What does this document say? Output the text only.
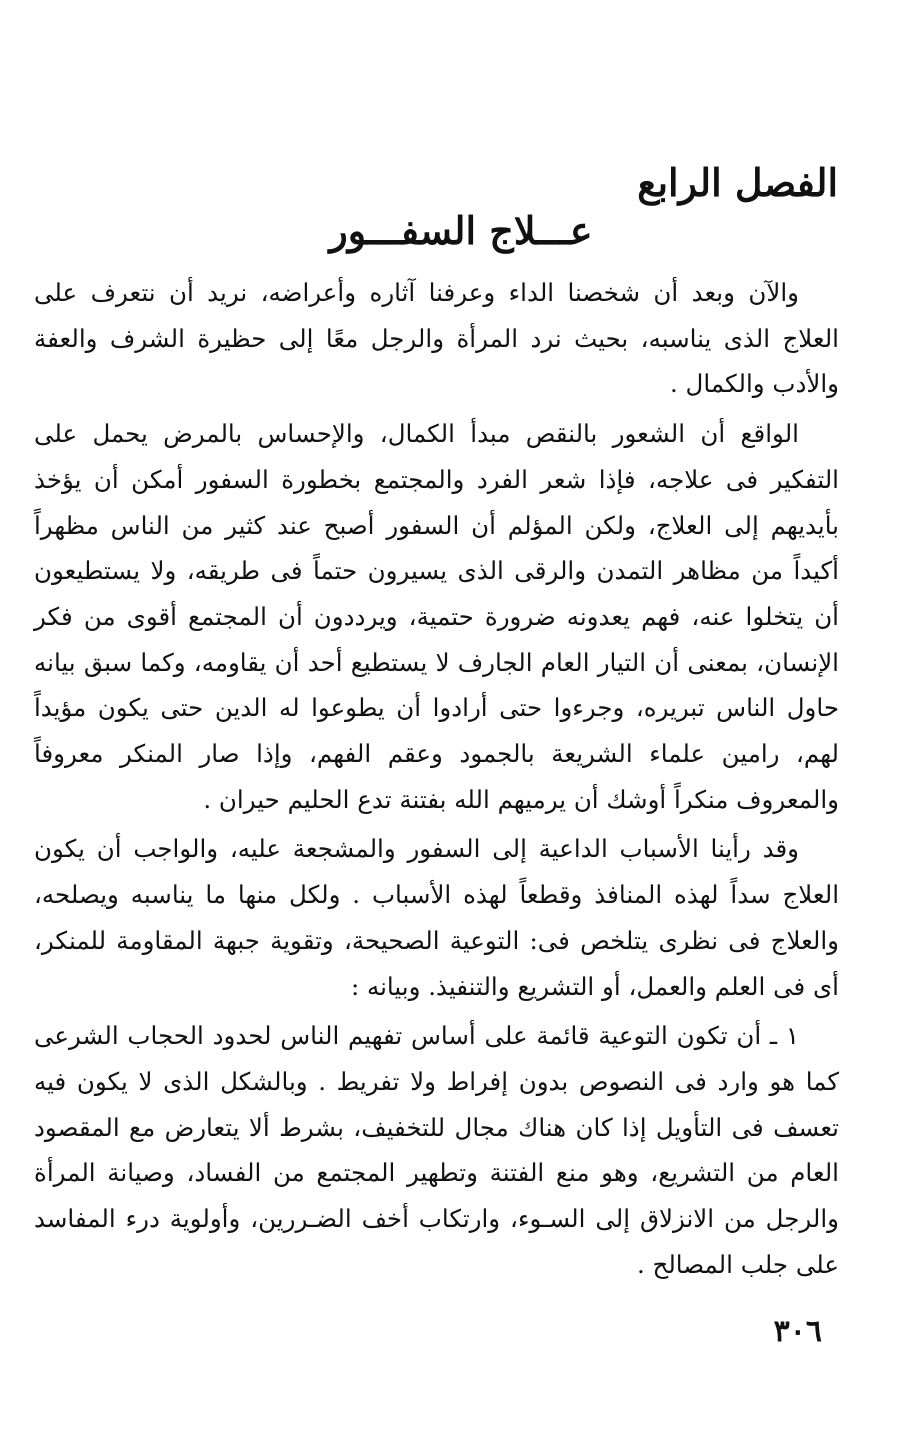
الفصل الرابع
عـــلاج السفـــور

والآن وبعد أن شخصنا الداء وعرفنا آثاره وأعراضه، نريد أن نتعرف على العلاج الذى يناسبه، بحيث نرد المرأة والرجل معًا إلى حظيرة الشرف والعفة والأدب والكمال .

الواقع أن الشعور بالنقص مبدأ الكمال، والإحساس بالمرض يحمل على التفكير فى علاجه، فإذا شعر الفرد والمجتمع بخطورة السفور أمكن أن يؤخذ بأيديهم إلى العلاج، ولكن المؤلم أن السفور أصبح عند كثير من الناس مظهراً أكيداً من مظاهر التمدن والرقى الذى يسيرون حتماً فى طريقه، ولا يستطيعون أن يتخلوا عنه، فهم يعدونه ضرورة حتمية، ويرددون أن المجتمع أقوى من فكر الإنسان، بمعنى أن التيار العام الجارف لا يستطيع أحد أن يقاومه، وكما سبق بيانه حاول الناس تبريره، وجرءوا حتى أرادوا أن يطوعوا له الدين حتى يكون مؤيداً لهم، رامين علماء الشريعة بالجمود وعقم الفهم، وإذا صار المنكر معروفاً والمعروف منكراً أوشك أن يرميهم الله بفتنة تدع الحليم حيران .

وقد رأينا الأسباب الداعية إلى السفور والمشجعة عليه، والواجب أن يكون العلاج سداً لهذه المنافذ وقطعاً لهذه الأسباب . ولكل منها ما يناسبه ويصلحه، والعلاج فى نظرى يتلخص فى: التوعية الصحيحة، وتقوية جبهة المقاومة للمنكر، أى فى العلم والعمل، أو التشريع والتنفيذ. وبيانه :

١ ـ أن تكون التوعية قائمة على أساس تفهيم الناس لحدود الحجاب الشرعى كما هو وارد فى النصوص بدون إفراط ولا تفريط . وبالشكل الذى لا يكون فيه تعسف فى التأويل إذا كان هناك مجال للتخفيف، بشرط ألا يتعارض مع المقصود العام من التشريع، وهو منع الفتنة وتطهير المجتمع من الفساد، وصيانة المرأة والرجل من الانزلاق إلى السـوء، وارتكاب أخف الضـررين، وأولوية درء المفاسد على جلب المصالح .

٣٠٦
